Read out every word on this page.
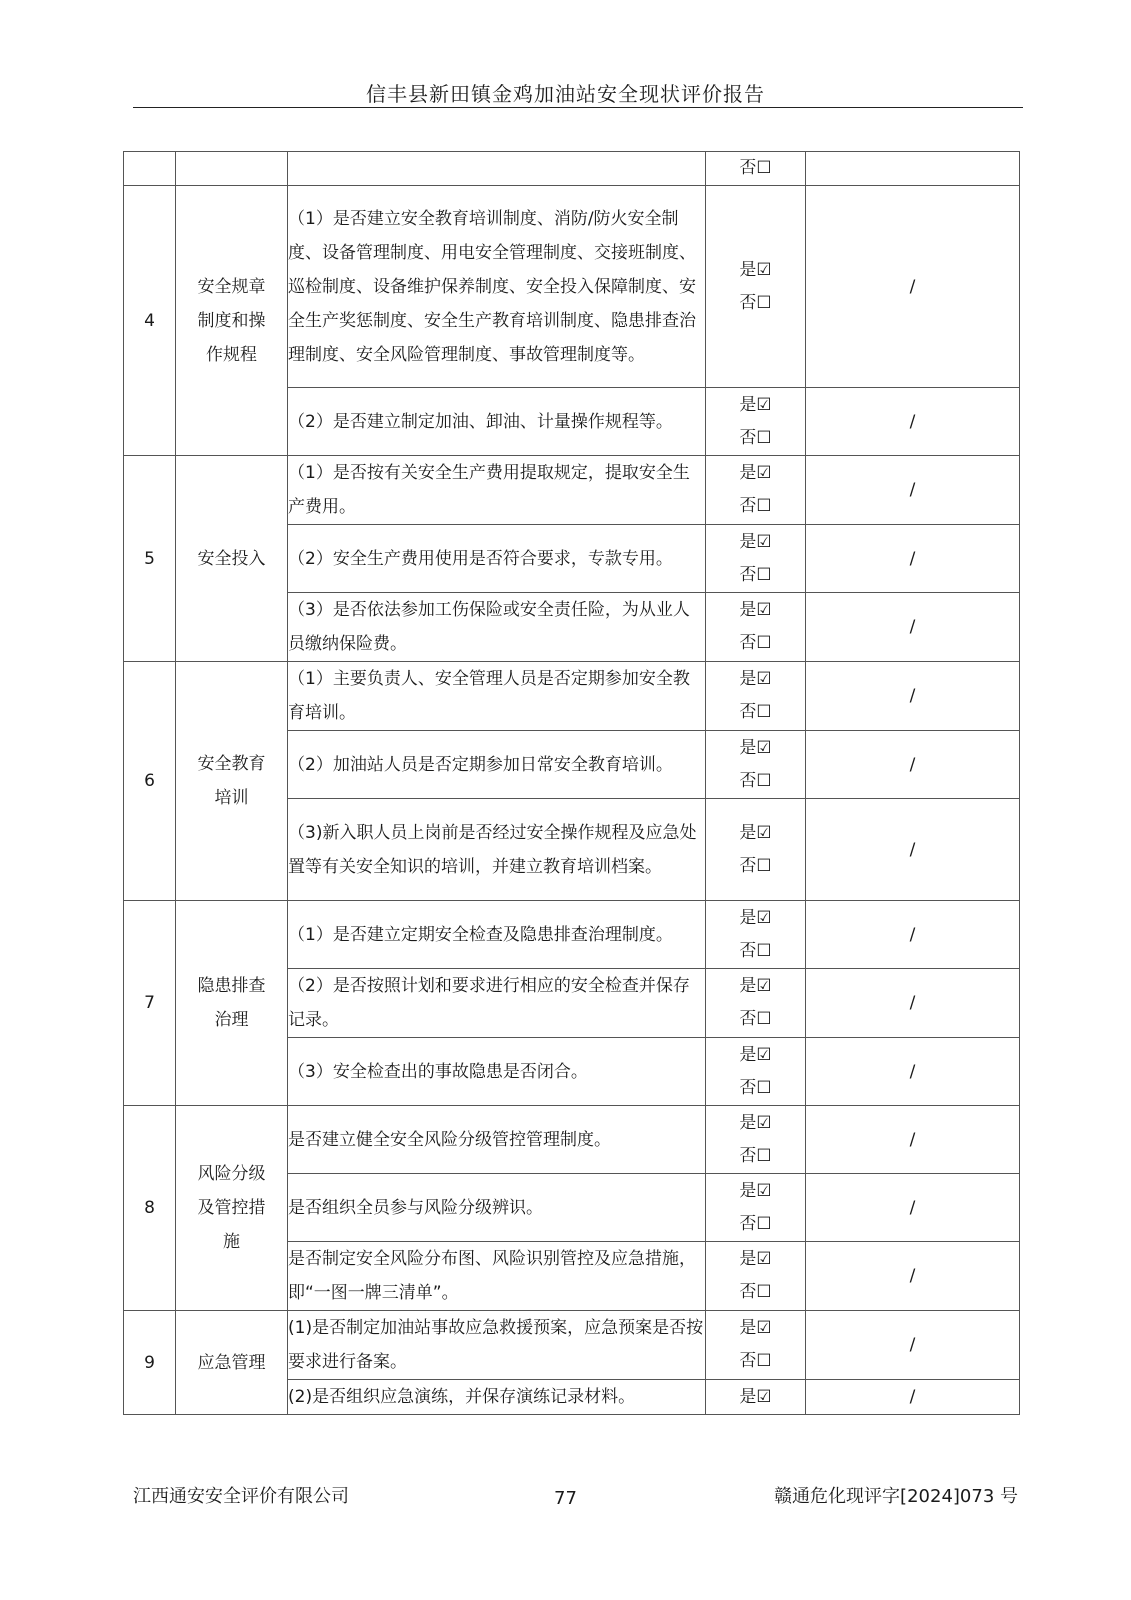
信丰县新田镇金鸡加油站安全现状评价报告
			否☐	
4	安全规章
制度和操
作规程	（1）是否建立安全教育培训制度、消防/防火安全制度、设备管理制度、用电安全管理制度、交接班制度、巡检制度、设备维护保养制度、安全投入保障制度、安全生产奖惩制度、安全生产教育培训制度、隐患排查治理制度、安全风险管理制度、事故管理制度等。	是☑
否☐	/
		（2）是否建立制定加油、卸油、计量操作规程等。	是☑
否☐	/
5	安全投入	（1）是否按有关安全生产费用提取规定，提取安全生产费用。	是☑
否☐	/
		（2）安全生产费用使用是否符合要求，专款专用。	是☑
否☐	/
		（3）是否依法参加工伤保险或安全责任险，为从业人员缴纳保险费。	是☑
否☐	/
6	安全教育
培训	（1）主要负责人、安全管理人员是否定期参加安全教育培训。	是☑
否☐	/
		（2）加油站人员是否定期参加日常安全教育培训。	是☑
否☐	/
		（3)新入职人员上岗前是否经过安全操作规程及应急处置等有关安全知识的培训，并建立教育培训档案。	是☑
否☐	/
7	隐患排查
治理	（1）是否建立定期安全检查及隐患排查治理制度。	是☑
否☐	/
		（2）是否按照计划和要求进行相应的安全检查并保存记录。	是☑
否☐	/
		（3）安全检查出的事故隐患是否闭合。	是☑
否☐	/
8	风险分级
及管控措
施	是否建立健全安全风险分级管控管理制度。	是☑
否☐	/
		是否组织全员参与风险分级辨识。	是☑
否☐	/
		是否制定安全风险分布图、风险识别管控及应急措施，即“一图一牌三清单”。	是☑
否☐	/
9	应急管理	(1)是否制定加油站事故应急救援预案，应急预案是否按要求进行备案。	是☑
否☐	/
		(2)是否组织应急演练，并保存演练记录材料。	是☑	/
江西通安安全评价有限公司	77	赣通危化现评字[2024]073 号
